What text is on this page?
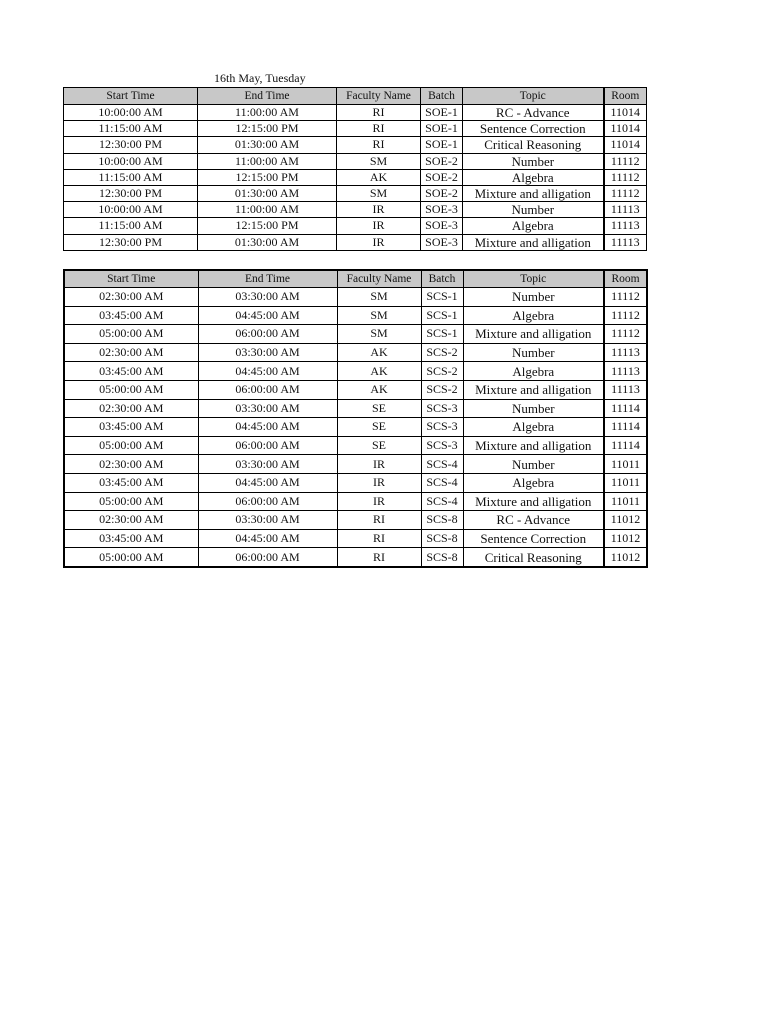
16th May, Tuesday
Start Time	End Time	Faculty Name	Batch	Topic	Room
10:00:00 AM	11:00:00 AM	RI	SOE-1	RC - Advance	11014
11:15:00 AM	12:15:00 PM	RI	SOE-1	Sentence Correction	11014
12:30:00 PM	01:30:00 AM	RI	SOE-1	Critical Reasoning	11014
10:00:00 AM	11:00:00 AM	SM	SOE-2	Number	11112
11:15:00 AM	12:15:00 PM	AK	SOE-2	Algebra	11112
12:30:00 PM	01:30:00 AM	SM	SOE-2	Mixture and alligation	11112
10:00:00 AM	11:00:00 AM	IR	SOE-3	Number	11113
11:15:00 AM	12:15:00 PM	IR	SOE-3	Algebra	11113
12:30:00 PM	01:30:00 AM	IR	SOE-3	Mixture and alligation	11113
Start Time	End Time	Faculty Name	Batch	Topic	Room
02:30:00 AM	03:30:00 AM	SM	SCS-1	Number	11112
03:45:00 AM	04:45:00 AM	SM	SCS-1	Algebra	11112
05:00:00 AM	06:00:00 AM	SM	SCS-1	Mixture and alligation	11112
02:30:00 AM	03:30:00 AM	AK	SCS-2	Number	11113
03:45:00 AM	04:45:00 AM	AK	SCS-2	Algebra	11113
05:00:00 AM	06:00:00 AM	AK	SCS-2	Mixture and alligation	11113
02:30:00 AM	03:30:00 AM	SE	SCS-3	Number	11114
03:45:00 AM	04:45:00 AM	SE	SCS-3	Algebra	11114
05:00:00 AM	06:00:00 AM	SE	SCS-3	Mixture and alligation	11114
02:30:00 AM	03:30:00 AM	IR	SCS-4	Number	11011
03:45:00 AM	04:45:00 AM	IR	SCS-4	Algebra	11011
05:00:00 AM	06:00:00 AM	IR	SCS-4	Mixture and alligation	11011
02:30:00 AM	03:30:00 AM	RI	SCS-8	RC - Advance	11012
03:45:00 AM	04:45:00 AM	RI	SCS-8	Sentence Correction	11012
05:00:00 AM	06:00:00 AM	RI	SCS-8	Critical Reasoning	11012
